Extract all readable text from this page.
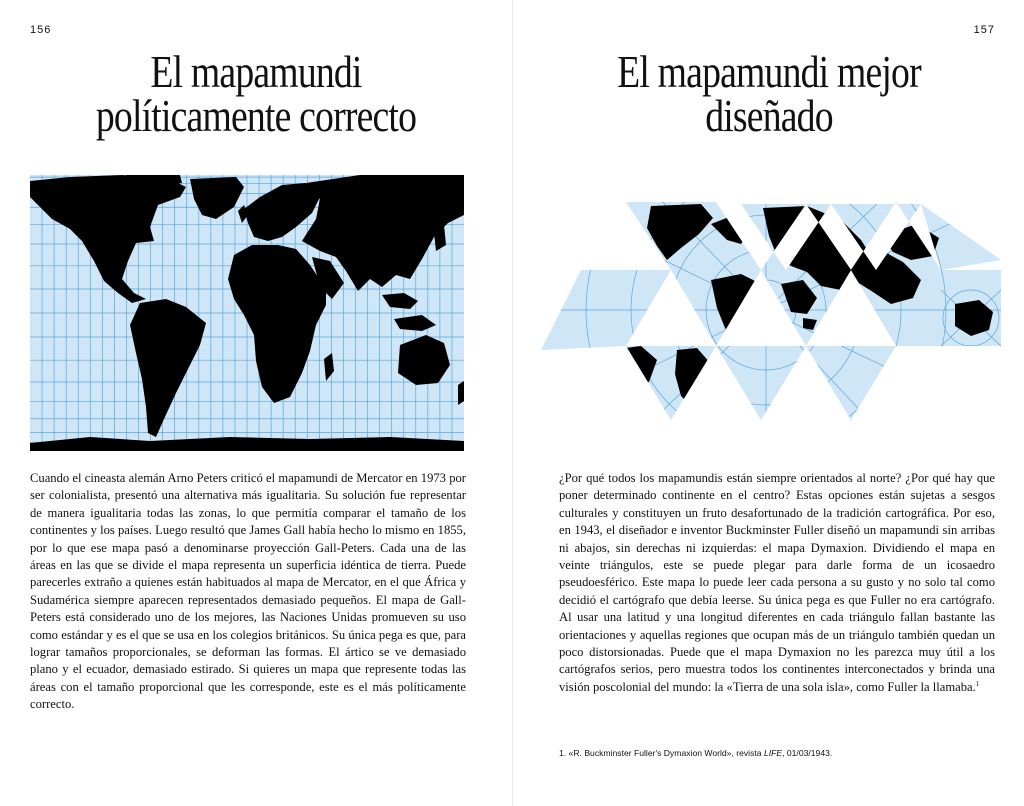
156
El mapamundi
políticamente correcto

Cuando el cineasta alemán Arno Peters criticó el mapamundi de Mercator en 1973 por ser colonialista, presentó una alternativa más igualitaria. Su solución fue representar de manera igualitaria todas las zonas, lo que permitía comparar el tamaño de los continentes y los países. Luego resultó que James Gall había hecho lo mismo en 1855, por lo que ese mapa pasó a denominarse proyección Gall-Peters. Cada una de las áreas en las que se divide el mapa representa un superficia idéntica de tierra. Puede parecerles extraño a quienes están habituados al mapa de Mercator, en el que África y Sudamérica siempre aparecen representados demasiado pequeños. El mapa de Gall-Peters está considerado uno de los mejores, las Naciones Unidas promueven su uso como estándar y es el que se usa en los colegios británicos. Su única pega es que, para lograr tamaños proporcionales, se deforman las formas. El ártico se ve demasiado plano y el ecuador, demasiado estirado. Si quieres un mapa que represente todas las áreas con el tamaño proporcional que les corresponde, este es el más políticamente correcto.

157
El mapamundi mejor
diseñado

¿Por qué todos los mapamundis están siempre orientados al norte? ¿Por qué hay que poner determinado continente en el centro? Estas opciones están sujetas a sesgos culturales y constituyen un fruto desafortunado de la tradición cartográfica. Por eso, en 1943, el diseñador e inventor Buckminster Fuller diseñó un mapamundi sin arribas ni abajos, sin derechas ni izquierdas: el mapa Dymaxion. Dividiendo el mapa en veinte triángulos, este se puede plegar para darle forma de un icosaedro pseudoesférico. Este mapa lo puede leer cada persona a su gusto y no solo tal como decidió el cartógrafo que debía leerse. Su única pega es que Fuller no era cartógrafo. Al usar una latitud y una longitud diferentes en cada triángulo fallan bastante las orientaciones y aquellas regiones que ocupan más de un triángulo también quedan un poco distorsionadas. Puede que el mapa Dymaxion no les parezca muy útil a los cartógrafos serios, pero muestra todos los continentes interconectados y brinda una visión poscolonial del mundo: la «Tierra de una sola isla», como Fuller la llamaba.$^1$

1. «R. Buckminster Fuller's Dymaxion World», revista LIFE, 01/03/1943.
